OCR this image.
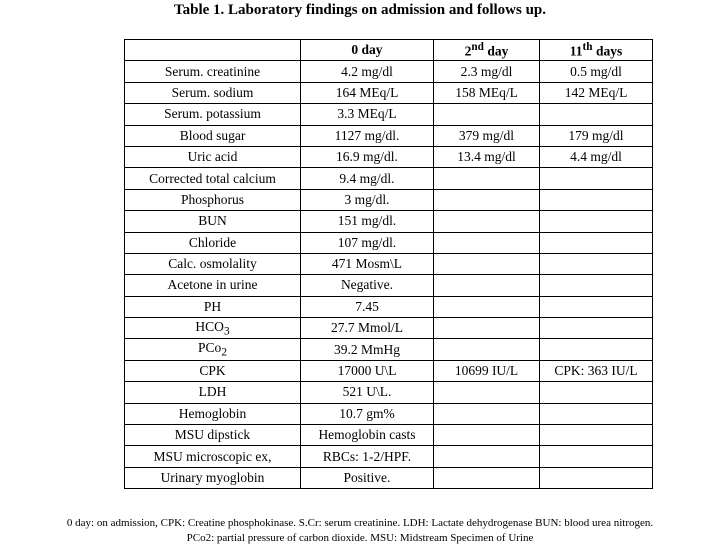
Table 1. Laboratory findings on admission and follows up.
	0 day	2nd day	11th days
Serum. creatinine	4.2 mg/dl	2.3 mg/dl	0.5 mg/dl
Serum. sodium	164 MEq/L	158 MEq/L	142 MEq/L
Serum. potassium	3.3 MEq/L		
Blood sugar	1127 mg/dl.	379 mg/dl	179 mg/dl
Uric acid	16.9 mg/dl.	13.4 mg/dl	4.4 mg/dl
Corrected total calcium	9.4 mg/dl.		
Phosphorus	3 mg/dl.		
BUN	151 mg/dl.		
Chloride	107 mg/dl.		
Calc. osmolality	471 Mosm\L		
Acetone in urine	Negative.		
PH	7.45		
$HCO_3$	27.7 Mmol/L		
PCo$_2$	39.2 MmHg		
CPK	17000 U\L	10699 IU/L	CPK: 363 IU/L
LDH	521 U\L.		
Hemoglobin	10.7 gm%		
MSU dipstick	Hemoglobin casts		
MSU microscopic ex,	RBCs: 1-2/HPF.		
Urinary myoglobin	Positive.		
0 day: on admission, CPK: Creatine phosphokinase. S.Cr: serum creatinine. LDH: Lactate dehydrogenase BUN: blood urea nitrogen.
PCo2: partial pressure of carbon dioxide. MSU: Midstream Specimen of Urine
